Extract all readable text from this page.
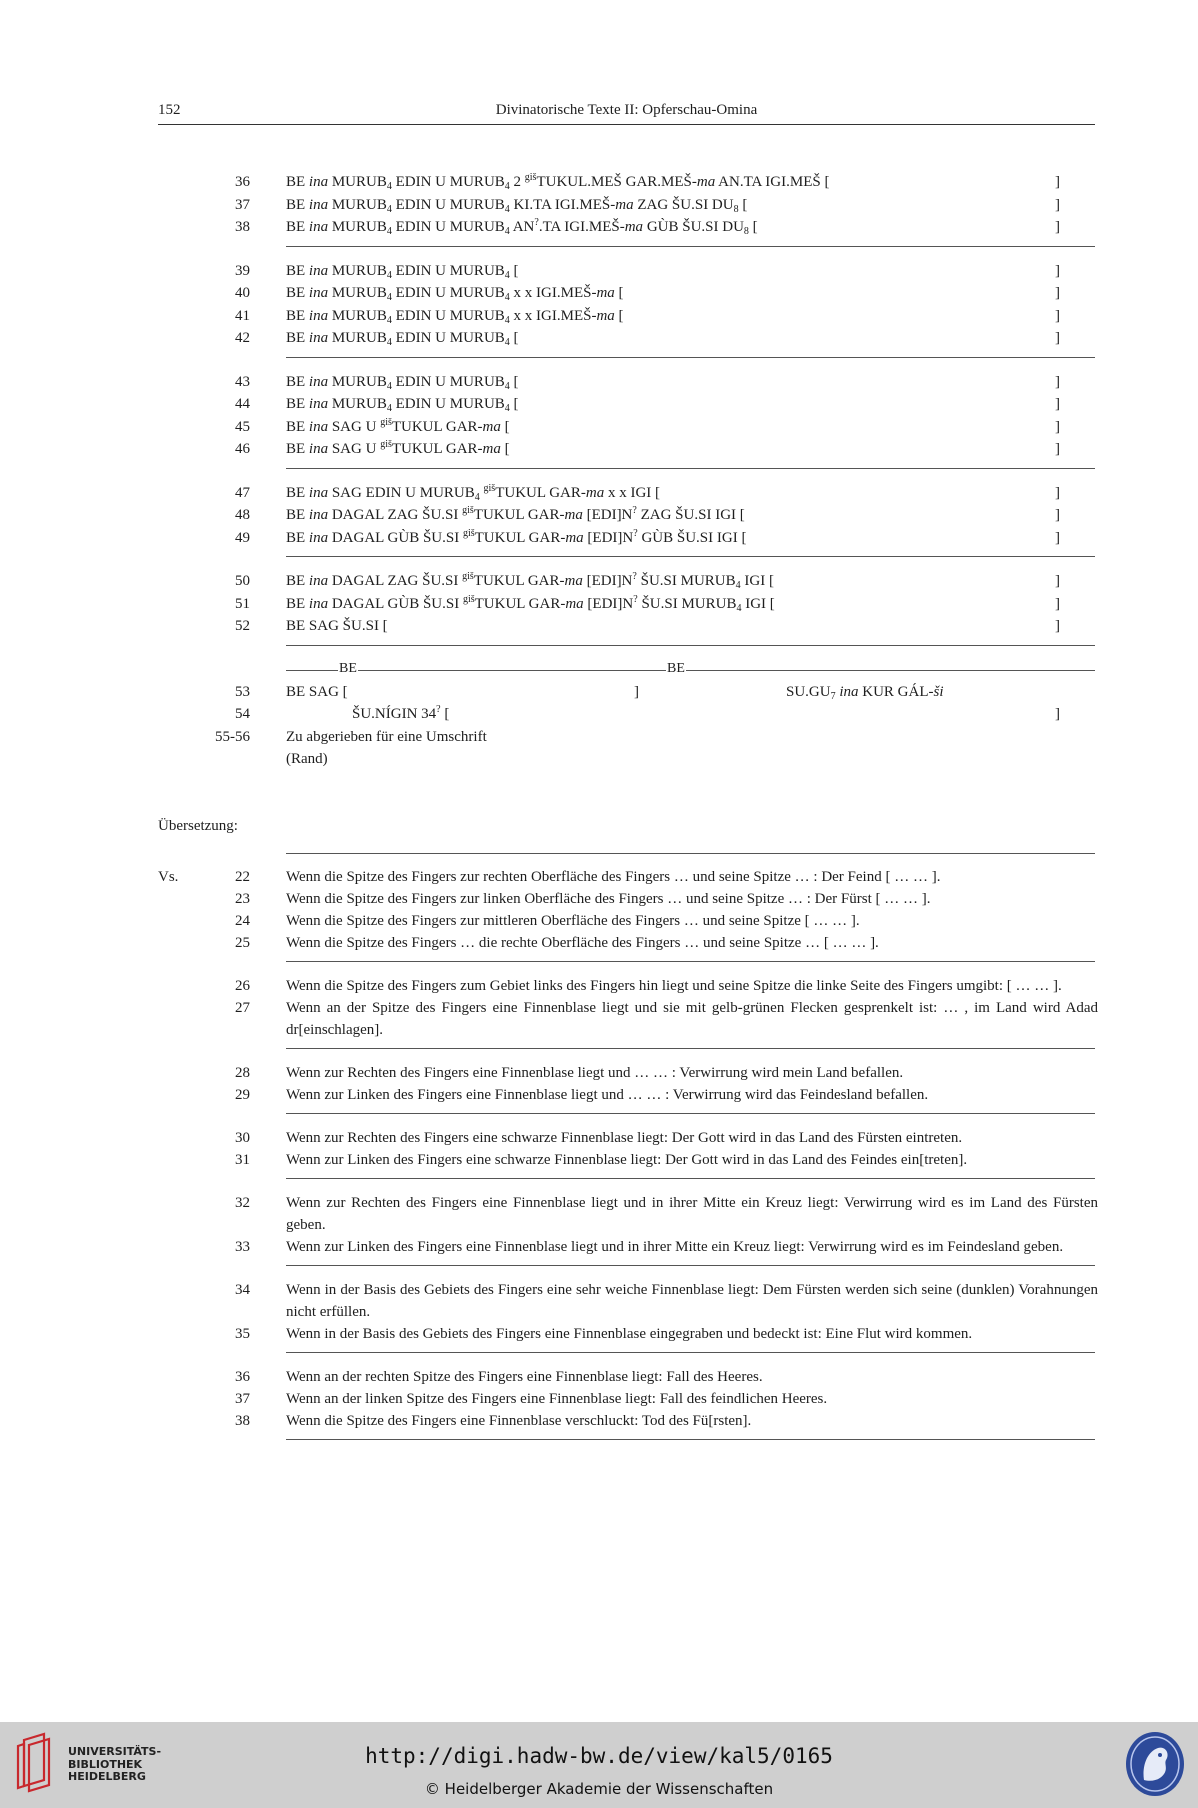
152	Divinatorische Texte II: Opferschau-Omina
36 BE ina $MURUB_4$ EDIN U $MURUB_4$ 2 $^{giš}$TUKUL.MEŠ GAR.MEŠ-ma AN.TA IGI.MEŠ [	]
37 BE ina $MURUB_4$ EDIN U $MURUB_4$ KI.TA IGI.MEŠ-ma ZAG ŠU.SI $DU_8$ [	]
38 BE ina $MURUB_4$ EDIN U $MURUB_4$ AN?.TA IGI.MEŠ-ma GÙB ŠU.SI $DU_8$ [	]
39 BE ina $MURUB_4$ EDIN U $MURUB_4$ [	]
40 BE ina $MURUB_4$ EDIN U $MURUB_4$ x x IGI.MEŠ-ma [	]
41 BE ina $MURUB_4$ EDIN U $MURUB_4$ x x IGI.MEŠ-ma [	]
42 BE ina $MURUB_4$ EDIN U $MURUB_4$ [	]
43 BE ina $MURUB_4$ EDIN U $MURUB_4$ [	]
44 BE ina $MURUB_4$ EDIN U $MURUB_4$ [	]
45 BE ina SAG U $^{giš}$TUKUL GAR-ma [	]
46 BE ina SAG U $^{giš}$TUKUL GAR-ma [	]
47 BE ina SAG EDIN U $MURUB_4$ $^{giš}$TUKUL GAR-ma x x IGI [	]
48 BE ina DAGAL ZAG ŠU.SI $^{giš}$TUKUL GAR-ma [EDI]N? ZAG ŠU.SI IGI [	]
49 BE ina DAGAL GÙB ŠU.SI $^{giš}$TUKUL GAR-ma [EDI]N? GÙB ŠU.SI IGI [	]
50 BE ina DAGAL ZAG ŠU.SI $^{giš}$TUKUL GAR-ma [EDI]N? ŠU.SI $MURUB_4$ IGI [	]
51 BE ina DAGAL GÙB ŠU.SI $^{giš}$TUKUL GAR-ma [EDI]N? ŠU.SI $MURUB_4$ IGI [	]
52 BE SAG ŠU.SI [	]
BE	BE
53 BE SAG [	]	$SU.GU_7$ ina KUR GÁL-ši
54	ŠU.NÍGIN 34? [	]
55-56 Zu abgerieben für eine Umschrift
(Rand)
Übersetzung:
Vs.	22 Wenn die Spitze des Fingers zur rechten Oberfläche des Fingers … und seine Spitze … : Der Feind [ … … ].
23 Wenn die Spitze des Fingers zur linken Oberfläche des Fingers … und seine Spitze … : Der Fürst [ … … ].
24 Wenn die Spitze des Fingers zur mittleren Oberfläche des Fingers … und seine Spitze [ … … ].
25 Wenn die Spitze des Fingers … die rechte Oberfläche des Fingers … und seine Spitze … [ … … ].
26 Wenn die Spitze des Fingers zum Gebiet links des Fingers hin liegt und seine Spitze die linke Seite des Fingers umgibt: [ … … ].
27 Wenn an der Spitze des Fingers eine Finnenblase liegt und sie mit gelb-grünen Flecken gesprenkelt ist: … , im Land wird Adad dr[einschlagen].
28 Wenn zur Rechten des Fingers eine Finnenblase liegt und … … : Verwirrung wird mein Land befallen.
29 Wenn zur Linken des Fingers eine Finnenblase liegt und … … : Verwirrung wird das Feindesland befallen.
30 Wenn zur Rechten des Fingers eine schwarze Finnenblase liegt: Der Gott wird in das Land des Fürsten eintreten.
31 Wenn zur Linken des Fingers eine schwarze Finnenblase liegt: Der Gott wird in das Land des Feindes ein[treten].
32 Wenn zur Rechten des Fingers eine Finnenblase liegt und in ihrer Mitte ein Kreuz liegt: Verwirrung wird es im Land des Fürsten geben.
33 Wenn zur Linken des Fingers eine Finnenblase liegt und in ihrer Mitte ein Kreuz liegt: Verwirrung wird es im Feindesland geben.
34 Wenn in der Basis des Gebiets des Fingers eine sehr weiche Finnenblase liegt: Dem Fürsten werden sich seine (dunklen) Vorahnungen nicht erfüllen.
35 Wenn in der Basis des Gebiets des Fingers eine Finnenblase eingegraben und bedeckt ist: Eine Flut wird kommen.
36 Wenn an der rechten Spitze des Fingers eine Finnenblase liegt: Fall des Heeres.
37 Wenn an der linken Spitze des Fingers eine Finnenblase liegt: Fall des feindlichen Heeres.
38 Wenn die Spitze des Fingers eine Finnenblase verschluckt: Tod des Fü[rsten].
UNIVERSITÄTS-
BIBLIOTHEK
HEIDELBERG
http://digi.hadw-bw.de/view/kal5/0165
© Heidelberger Akademie der Wissenschaften
